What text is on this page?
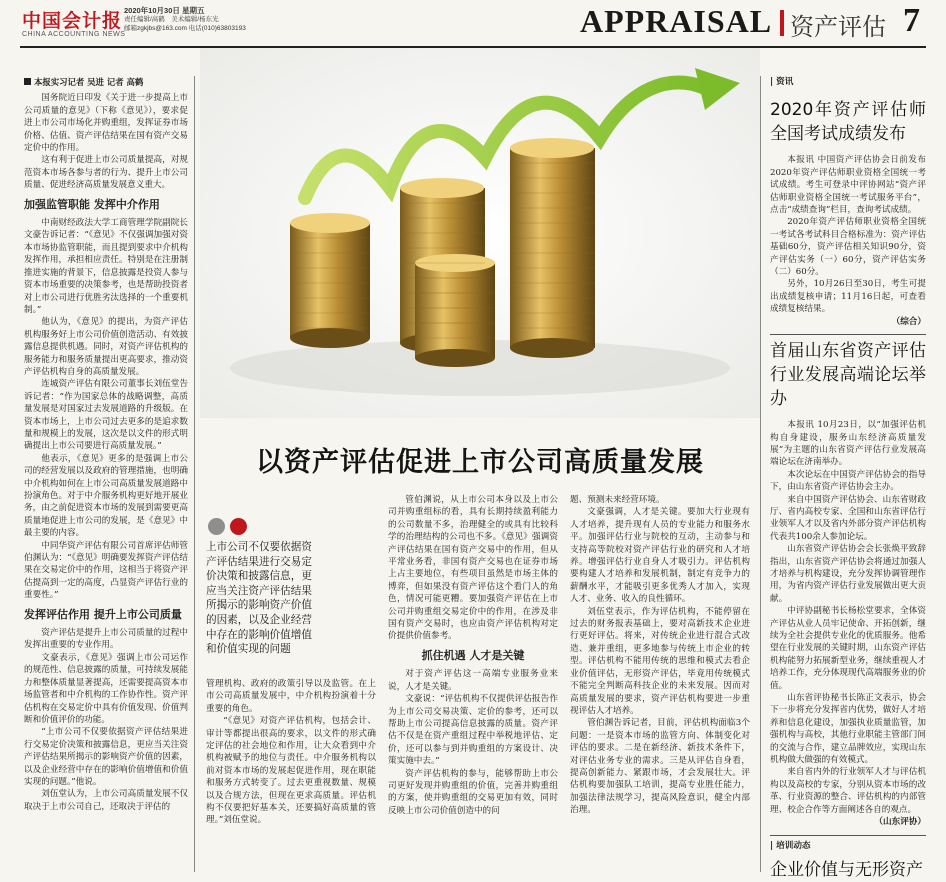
中国会计报
CHINA ACCOUNTING NEWS
2020年10月30日 星期五
责任编辑/高鹤　美术编辑/杨东光
邮箱zgkjbs@163.com 电话(010)63803193	APPRAISAL 资产评估 7
本报实习记者 吴进 记者 高鹤

国务院近日印发《关于进一步提高上市公司质量的意见》（下称《意见》），要求促进上市公司市场化并购重组，发挥证券市场价格、估值、资产评估结果在国有资产交易定价中的作用。

这有利于促进上市公司质量提高，对规范资本市场各参与者的行为、提升上市公司质量、促进经济高质量发展意义重大。

加强监管职能 发挥中介作用

中南财经政法大学工商管理学院副院长文豪告诉记者：“《意见》不仅强调加强对资本市场协监管职能，而且提到要求中介机构发挥作用，承担相应责任。特别是在注册制推进实施的背景下，信息披露是投资人参与资本市场重要的决策参考，也是帮助投资者对上市公司进行优胜劣汰选择的一个重要机制。”

他认为，《意见》的提出，为资产评估机构服务好上市公司价值创造活动、有效披露信息提供机遇。同时，对资产评估机构的服务能力和服务质量提出更高要求，推动资产评估机构自身的高质量发展。

连城资产评估有限公司董事长刘伍堂告诉记者：“作为国家总体的战略调整，高质量发展是对国家过去发展道路的升级版。在资本市场上，上市公司过去更多的是追求数量和规模上的发展，这次是以文件的形式明确提出上市公司要进行高质量发展。”

他表示，《意见》更多的是强调上市公司的经营发展以及政府的管理措施，也明确中介机构如何在上市公司高质量发展道路中扮演角色。对于中介服务机构更好地开展业务，由之前促进资本市场的发展到需要更高质量地促进上市公司的发展，是《意见》中最主要的内容。

中同华资产评估有限公司首席评估师管伯渊认为：“《意见》明确要发挥资产评估结果在交易定价中的作用，这相当于将资产评估提高到一定的高度，凸显资产评估行业的重要性。”

发挥评估作用 提升上市公司质量

资产评估是提升上市公司质量的过程中发挥出重要的专业作用。

文豪表示，《意见》强调上市公司运作的规范性、信息披露的质量，可持续发展能力和整体质量显著提高，还需要提高资本市场监管者和中介机构的工作协作性。资产评估机构在交易定价中具有价值发现、价值判断和价值评价的功能。

“上市公司不仅要依据资产评估结果进行交易定价决策和披露信息，更应当关注资产评估结果所揭示的影响资产价值的因素，以及企业经营中存在的影响价值增值和价值实现的问题。”他说。

刘伍堂认为，上市公司高质量发展不仅取决于上市公司自己，还取决于评估的

以资产评估促进上市公司高质量发展
上市公司不仅要依据资产评估结果进行交易定价决策和披露信息，更应当关注资产评估结果所揭示的影响资产价值的因素，以及企业经营中存在的影响价值增值和价值实现的问题

管理机构、政府的政策引导以及监管。在上市公司高质量发展中，中介机构扮演着十分重要的角色。

“《意见》对资产评估机构，包括会计、审计等都提出很高的要求，以文件的形式确定评估的社会地位和作用，让大众看到中介机构被赋予的地位与责任。中介服务机构以前对资本市场的发展起促进作用，现在职能和服务方式转变了。过去更重视数量、规模以及合规方法，但现在更求高质量。评估机构不仅要把好基本关，还要搞好高质量的管理。”刘伍堂说。

管伯渊说，从上市公司本身以及上市公司并购重组标的看，具有长期持续盈利能力的公司数量不多，治理健全的或具有比较科学的治理结构的公司也不多。《意见》强调资产评估结果在国有资产交易中的作用，但从平常业务看，非国有资产交易也在证券市场上占主要地位，有些项目虽然是市场主体的博弈，但如果没有资产评估这个看门人的角色，情况可能更糟。要加强资产评估在上市公司并购重组交易定价中的作用，在涉及非国有资产交易时，也应由资产评估机构对定价提供价值参考。

抓住机遇 人才是关键

对于资产评估这一高端专业服务业来说，人才是关键。

文豪说：“评估机构不仅提供评估报告作为上市公司交易决策、定价的参考，还可以帮助上市公司提高信息披露的质量。资产评估不仅是在资产重组过程中举税地评估、定价，还可以参与到并购重组的方案设计、决策实施中去。”

资产评估机构的参与，能够帮助上市公司更好发现并购重组的价值，完善并购重组的方案，使并购重组的交易更加有效，同时反映上市公司价值创造中的问

题、预测未来经营环境。

文豪强调，人才是关键。要加大行业现有人才培养，提升现有人员的专业能力和服务水平。加强评估行业与院校的互动，主动参与和支持高等院校对资产评估行业的研究和人才培养。增强评估行业自身人才吸引力。评估机构要构建人才培养和发展机制，制定有竞争力的薪酬水平，才能吸引更多优秀人才加入，实现人才、业务、收入的良性循环。

刘伍堂表示，作为评估机构，不能停留在过去的财务报表基础上，要对高新技术企业进行更好评估。将来，对传统企业进行混合式改造、兼并重组，更多地参与传统上市企业的转型。评估机构不能用传统的思维和模式去看企业价值评估，无形资产评估，毕竟用传统模式不能完全判断高科技企业的未来发展。因而对高质量发展的要求，资产评估机构要进一步重视评估人才培养。

管伯渊告诉记者，目前，评估机构面临3个问题：一是资本市场的监管方向、体制变化对评估的要求。二是在新经济、新技术条件下，对评估业务专业的需求。三是从评估自身看，提高创新能力、紧跟市场，才会发展壮大。评估机构要加强队工培训，提高专业胜任能力，加强法律法规学习，提高风险意识，健全内部治理。

| 资讯
2020年资产评估师全国考试成绩发布

本报讯 中国资产评估协会日前发布2020年资产评估师职业资格全国统一考试成绩。考生可登录中评协网站“资产评估师职业资格全国统一考试服务平台”，点击“成绩查询”栏目，查询考试成绩。

2020年资产评估师职业资格全国统一考试各考试科目合格标准为：资产评估基础60分，资产评估相关知识90分，资产评估实务（一）60分，资产评估实务（二）60分。

另外，10月26日至30日，考生可提出成绩复核申请；11月16日起，可查看成绩复核结果。

（综合）
首届山东省资产评估行业发展高端论坛举办

本报讯 10月23日，以“加强评估机构自身建设，服务山东经济高质量发展”为主题的山东省资产评估行业发展高端论坛在济南举办。

本次论坛在中国资产评估协会的指导下，由山东省资产评估协会主办。

来自中国资产评估协会、山东省财政厅、省内高校专家、全国和山东省评估行业领军人才以及省内外部分资产评估机构代表共100余人参加论坛。

山东省资产评估协会会长张焕平致辞指出，山东省资产评估协会将通过加强人才培养与机构建设，充分发挥协调管理作用，为省内资产评估行业发展做出更大贡献。

中评协副秘书长杨松堂要求，全体资产评估从业人员牢记使命、开拓创新，继续为全社会提供专业化的优质服务。他希望在行业发展的关键时期，山东资产评估机构能努力拓展新型业务，继续重视人才培养工作，充分体现现代高端服务业的价值。

山东省评协秘书长陈正文表示，协会下一步将充分发挥省内优势，做好人才培养和信息化建设，加强执业质量监管，加强机构与高校，其他行业职能主管部门间的交流与合作，建立品牌效应，实现山东机构做大做强的有效模式。

来自省内外的行业领军人才与评估机构以及高校的专家，分别从资本市场的改革、行业资源的整合、评估机构的内部管理、校企合作等方面阐述各自的观点。

（山东评协）
| 培训动态
企业价值与无形资产
